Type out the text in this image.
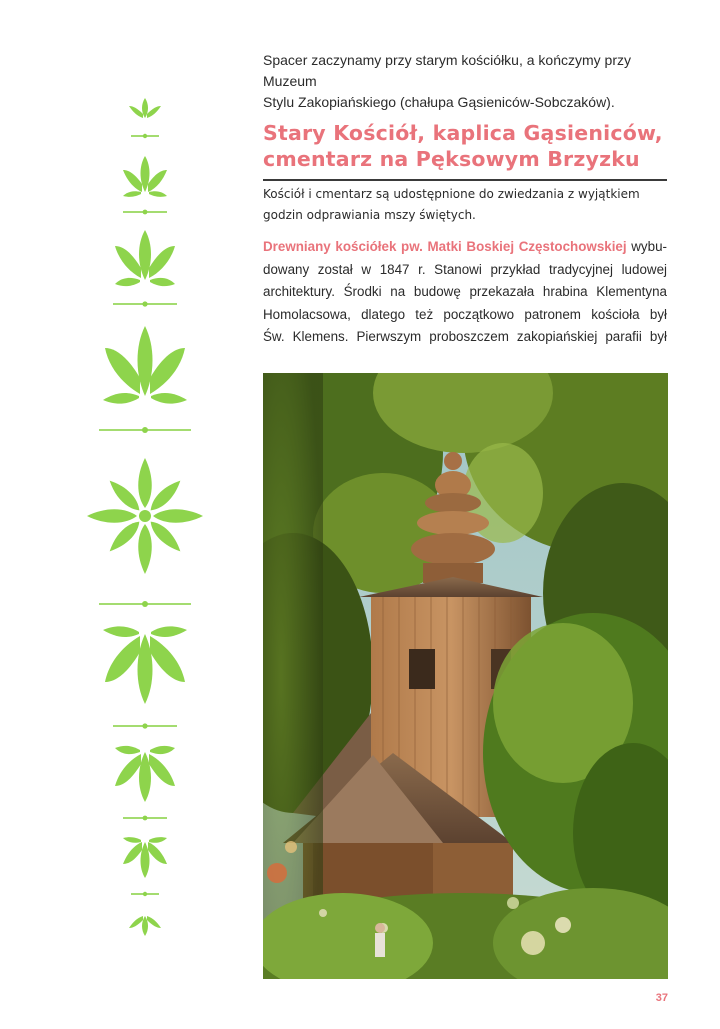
Spacer zaczynamy przy starym kościółku, a kończymy przy Muzeum
Stylu Zakopiańskiego (chałupa Gąsieniców-Sobczaków).
Stary Kościół, kaplica Gąsieniców,
cmentarz na Pęksowym Brzyzku
Kościół i cmentarz są udostępnione do zwiedzania z wyjątkiem
godzin odprawiania mszy świętych.
Drewniany kościółek pw. Matki Boskiej Częstochowskiej wybu-
dowany został w 1847 r. Stanowi przykład tradycyjnej ludowej
architektury. Środki na budowę przekazała hrabina Klementyna
Homolacsowa, dlatego też początkowo patronem kościoła był
Św. Klemens. Pierwszym proboszczem zakopiańskiej parafii był
37
